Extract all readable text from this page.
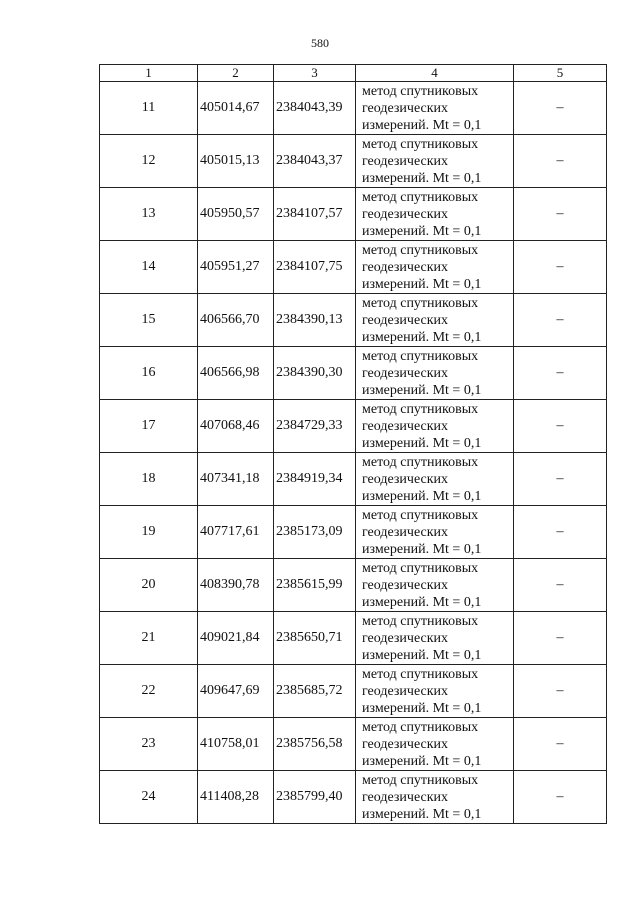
580
1	2	3	4	5
11	405014,67	2384043,39	метод спутниковых
геодезических
измерений. Mt = 0,1	–
12	405015,13	2384043,37	метод спутниковых
геодезических
измерений. Mt = 0,1	–
13	405950,57	2384107,57	метод спутниковых
геодезических
измерений. Mt = 0,1	–
14	405951,27	2384107,75	метод спутниковых
геодезических
измерений. Mt = 0,1	–
15	406566,70	2384390,13	метод спутниковых
геодезических
измерений. Mt = 0,1	–
16	406566,98	2384390,30	метод спутниковых
геодезических
измерений. Mt = 0,1	–
17	407068,46	2384729,33	метод спутниковых
геодезических
измерений. Mt = 0,1	–
18	407341,18	2384919,34	метод спутниковых
геодезических
измерений. Mt = 0,1	–
19	407717,61	2385173,09	метод спутниковых
геодезических
измерений. Mt = 0,1	–
20	408390,78	2385615,99	метод спутниковых
геодезических
измерений. Mt = 0,1	–
21	409021,84	2385650,71	метод спутниковых
геодезических
измерений. Mt = 0,1	–
22	409647,69	2385685,72	метод спутниковых
геодезических
измерений. Mt = 0,1	–
23	410758,01	2385756,58	метод спутниковых
геодезических
измерений. Mt = 0,1	–
24	411408,28	2385799,40	метод спутниковых
геодезических
измерений. Mt = 0,1	–
